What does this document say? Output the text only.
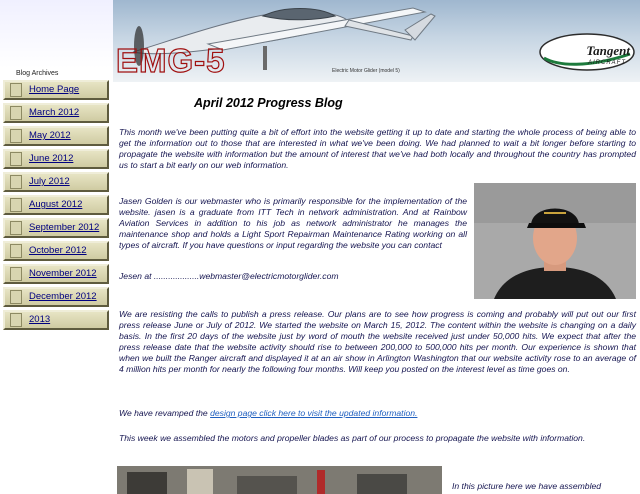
Blog Archives
Home Page
March 2012
May 2012
June 2012
July 2012
August 2012
September 2012
October 2012
November 2012
December 2012
2013
EMG-5	Electric Motor Glider (model 5)
Tangent
AIRCRAFT
April 2012 Progress Blog

This month we've been putting quite a bit of effort into the website getting it up to date and starting the whole process of being able to get the information out to those that are interested in what we've been doing. We had planned to wait a bit longer before starting to propagate the website with information but the amount of interest that we've had both locally and throughout the country has prompted us to start a bit early on our web information.

Jasen Golden is our webmaster who is primarily responsible for the implementation of the website. jasen is a graduate from ITT Tech in network administration. And at Rainbow Aviation Services in addition to his job as network administrator he manages the maintenance shop and holds a Light Sport Repairman Maintenance Rating working on all types of aircraft. If you have questions or input regarding the website you can contact

Jesen at ...................webmaster@electricmotorglider.com

We are resisting the calls to publish a press release. Our plans are to see how progress is coming and probably will put out our first press release June or July of 2012. We started the website on March 15, 2012. The content within the website is changing on a daily basis. In the first 20 days of the website just by word of mouth the website received just under 50,000 hits. We expect that after the press release date that the website activity should rise to between 200,000 to 500,000 hits per month. Our experience is shown that when we built the Ranger aircraft and displayed it at an air show in Arlington Washington that our website activity rose to an average of 4 million hits per month for nearly the following four months. Will keep you posted on the interest level as time goes on.

We have revamped the design page click here to visit the updated information.

This week we assembled the motors and propeller blades as part of our process to propagate the website with information.

In this picture here we have assembled
